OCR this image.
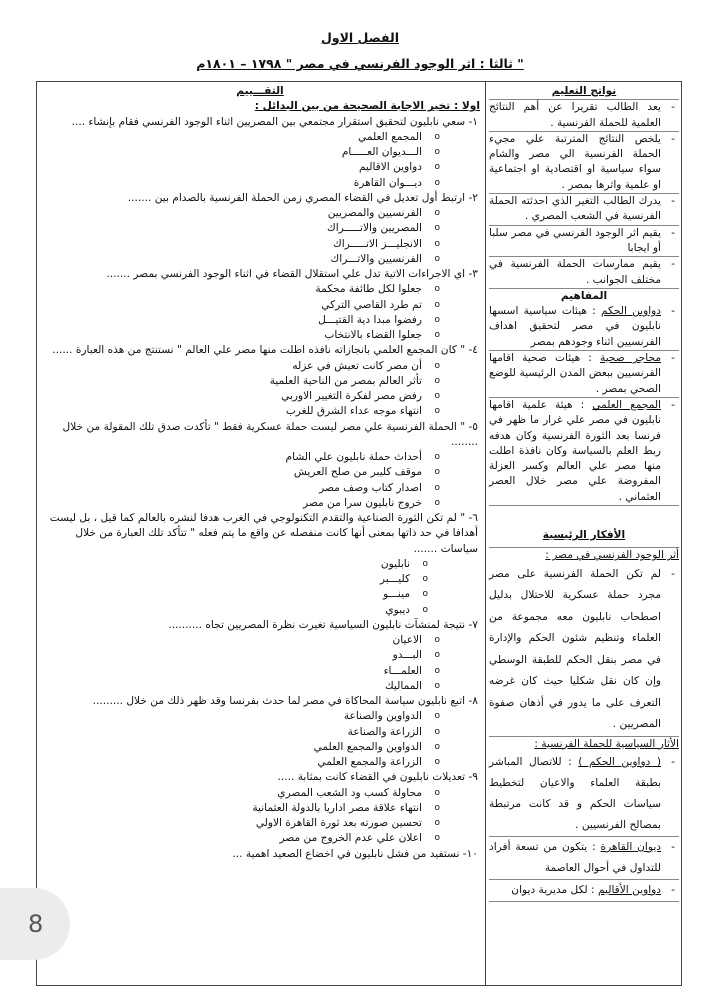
الفصل الاول
ثالثا : اثر الوجود الفرنسي في مصر " ١٧٩٨ – ١٨٠١م "
نواتج التعليم
- يعد الطالب تقريرا عن أهم النتائج العلمية للحملة الفرنسية .
- يلخص النتائج المترتبة علي مجيء الحملة الفرنسية الي مصر والشام سواء سياسية او اقتصادية او اجتماعية او علمية واثرها بمصر .
- يدرك الطالب التغير الذي احدثته الحملة الفرنسية في الشعب المصري .
- يقيم اثر الوجود الفرنسي في مصر سلبا أو ايجابا
- يقيم ممارسات الحملة الفرنسية في مختلف الجوانب .
المفاهيم
- دواوين الحكم : هيئات سياسية اسسها نابليون في مصر لتحقيق اهداف الفرنسيين اثناء وجودهم بمصر
- محاجر صحية : هيئات صحية اقامها الفرنسيين ببعض المدن الرئيسية للوضع الصحي بمصر .
- المجمع العلمي : هيئة علمية اقامها نابليون في مصر علي غرار ما ظهر في فرنسا بعد الثورة الفرنسية وكان هدفه ربط العلم بالسياسة وكان نافذة اطلت منها مصر علي العالم وكسر العزلة المفروضة علي مصر خلال العصر العثماني .
الأفكار الرئيسية
أثر الوجود الفرنسي في مصر :
- لم تكن الحملة الفرنسية على مصر مجرد حملة عسكرية للاحتلال بدليل اصطحاب نابليون معه مجموعة من العلماء وتنظيم شئون الحكم والإدارة في مصر بنقل الحكم للطبقة الوسطي وإن كان نقل شكليا حيث كان غرضه التعرف على ما يدور في أذهان صفوة المصريين .
الأثار السياسية للحملة الفرنسية :
- ( دواوين الحكم ) : للاتصال المباشر بطبقة العلماء والاعيان لتخطيط سياسات الحكم و قد كانت مرتبطة بمصالح الفرنسيين .
- ديوان القاهرة : يتكون من تسعة أفراد للتداول في أحوال العاصمة
- دواوين الأقاليم : لكل مديرية ديوان
التقـــييم
اولا : تخير الاجابة الصحيحة من بين البدائل :
١- سعي نابليون لتحقيق استقرار مجتمعي بين المصريين اثناء الوجود الفرنسي فقام بإنشاء ....
o المجمع العلمي
o الـــديوان العـــــام
o دواوين الاقاليم
o ديـــوان القاهرة
٢- ارتبط أول تعديل في القضاء المصري زمن الحملة الفرنسية بالصدام بين .......
o الفرنسيين والمصريين
o المصريين والاتـــــراك
o الانجليـــز الاتـــــراك
o الفرنسيين والاتـــراك
٣- اي الاجراءات الاتية تدل علي استقلال القضاء في اثناء الوجود الفرنسي بمصر .......
o جعلوا لكل طائفة محكمة
o تم طرد القاصي التركي
o رفضوا مبدا دية القتيـــل
o جعلوا القضاء بالانتخاب
٤- " كان المجمع العلمي بانجازاته نافذه اطلت منها مصر علي العالم " نستنتج من هذه العبارة ......
o أن مصر كانت تعيش في عزله
o تأثر العالم بمصر من الناحية العلمية
o رفض مصر لفكرة التغيير الاوربي
o انتهاء موجه عداء الشرق للغرب
٥- " الحملة الفرنسية علي مصر ليست حملة عسكرية فقط " تأكدت صدق تلك المقولة من خلال ........
o أحداث حملة نابليون علي الشام
o موقف كليبر من صلح العريش
o اصدار كتاب وصف مصر
o خروج نابليون سرا من مصر
٦- " لم تكن الثورة الصناعية والتقدم التكنولوجي في الغرب هدفا لنشره بالعالم كما قيل ، بل ليست أهدافا في حد ذاتها بمعنى أنها كانت منفصله عن واقع ما يتم فعله " تتأكد تلك العبارة من خلال سياسات .......
o نابليون
o كليـــبر
o مينـــو
o ديبوي
٧- نتيجة لمنشآت نابليون السياسية تغيرت نظرة المصريين تجاه ..........
o الاعيان
o البـــدو
o العلمـــاء
o المماليك
٨- اتبع نابليون سياسة المحاكاة في مصر لما حدث بفرنسا وقد ظهر ذلك من خلال .........
o الدواوين والصناعة
o الزراعة والصناعة
o الدواوين والمجمع العلمي
o الزراعة والمجمع العلمي
٩- تعديلات نابليون في القضاء كانت بمثابة .....
o محاولة كسب ود الشعب المصري
o انتهاء علاقة مصر اداريا بالدولة العثمانية
o تحسين صورته بعد ثورة القاهرة الاولي
o اعلان علي عدم الخروج من مصر
١٠- نستفيد من فشل نابليون في اخضاع الصعيد اهمية ...
8
